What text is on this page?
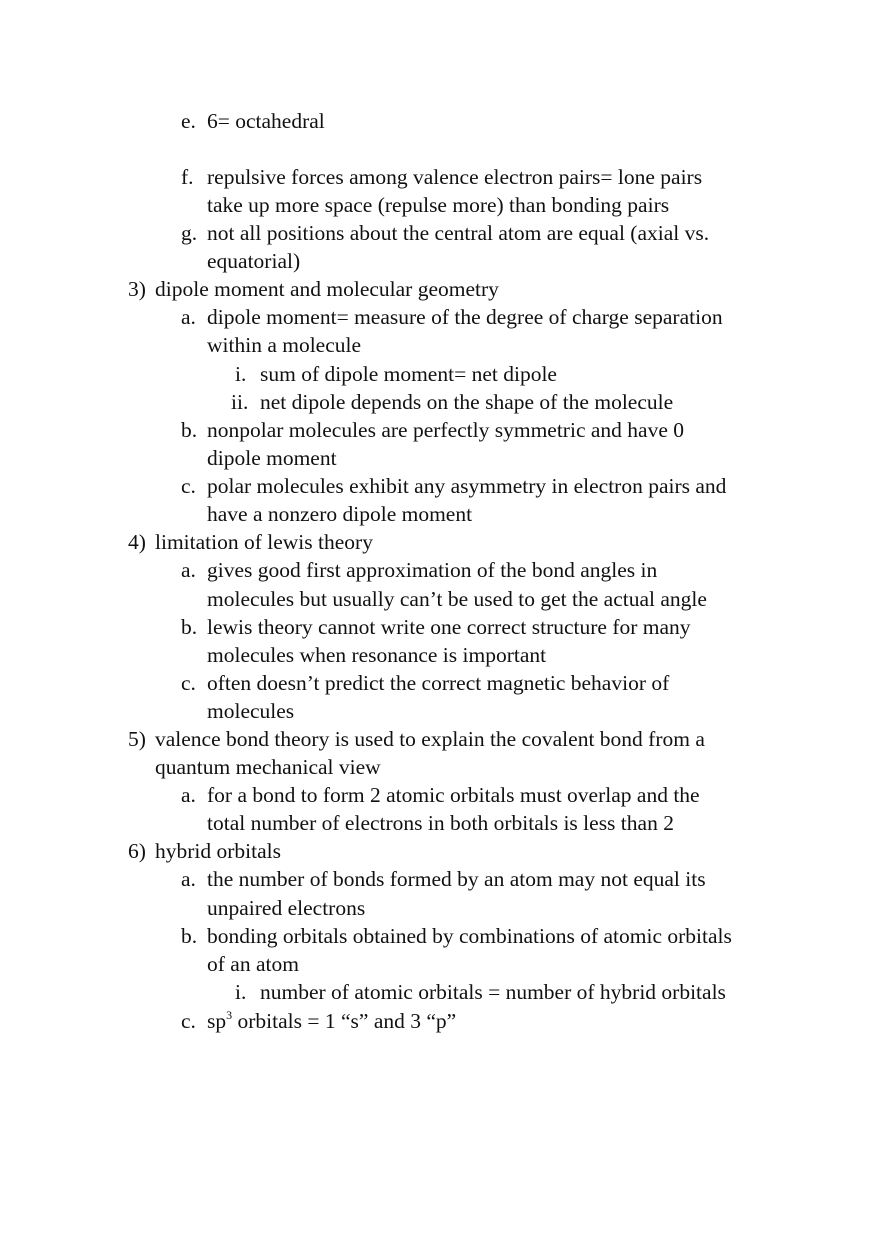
e. 6= octahedral
f. repulsive forces among valence electron pairs= lone pairs
take up more space (repulse more) than bonding pairs
g. not all positions about the central atom are equal (axial vs.
equatorial)
3) dipole moment and molecular geometry
a. dipole moment= measure of the degree of charge separation
within a molecule
i. sum of dipole moment= net dipole
ii. net dipole depends on the shape of the molecule
b. nonpolar molecules are perfectly symmetric and have 0
dipole moment
c. polar molecules exhibit any asymmetry in electron pairs and
have a nonzero dipole moment
4) limitation of lewis theory
a. gives good first approximation of the bond angles in
molecules but usually can’t be used to get the actual angle
b. lewis theory cannot write one correct structure for many
molecules when resonance is important
c. often doesn’t predict the correct magnetic behavior of
molecules
5) valence bond theory is used to explain the covalent bond from a
quantum mechanical view
a. for a bond to form 2 atomic orbitals must overlap and the
total number of electrons in both orbitals is less than 2
6) hybrid orbitals
a. the number of bonds formed by an atom may not equal its
unpaired electrons
b. bonding orbitals obtained by combinations of atomic orbitals
of an atom
i. number of atomic orbitals = number of hybrid orbitals
c. $sp^3$ orbitals = 1 “s” and 3 “p”
